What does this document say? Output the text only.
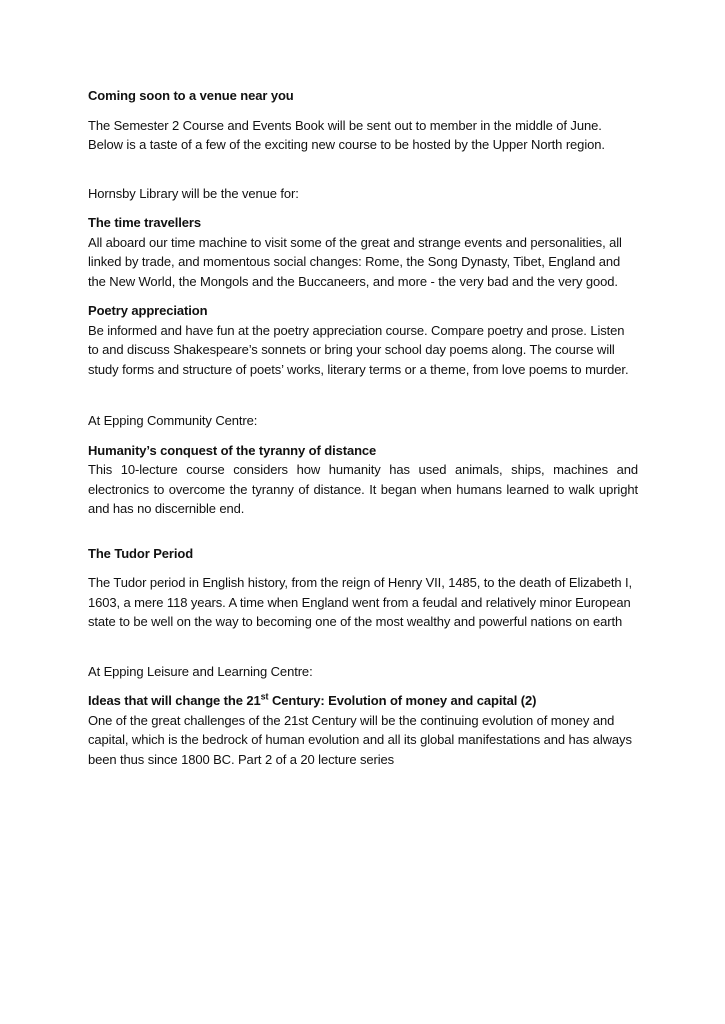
Coming soon to a venue near you

The Semester 2 Course and Events Book will be sent out to member in the middle of June. Below is a taste of a few of the exciting new course to be hosted by the Upper North region.

Hornsby Library will be the venue for:

The time travellers

All aboard our time machine to visit some of the great and strange events and personalities, all linked by trade, and momentous social changes: Rome, the Song Dynasty, Tibet, England and the New World, the Mongols and the Buccaneers, and more - the very bad and the very good.

Poetry appreciation

Be informed and have fun at the poetry appreciation course. Compare poetry and prose. Listen to and discuss Shakespeare’s sonnets or bring your school day poems along. The course will study forms and structure of poets’ works, literary terms or a theme, from love poems to murder.

At Epping Community Centre:

Humanity’s conquest of the tyranny of distance

This 10-lecture course considers how humanity has used animals, ships, machines and electronics to overcome the tyranny of distance. It began when humans learned to walk upright and has no discernible end.

The Tudor Period

The Tudor period in English history, from the reign of Henry VII, 1485, to the death of Elizabeth I, 1603, a mere 118 years. A time when England went from a feudal and relatively minor European state to be well on the way to becoming one of the most wealthy and powerful nations on earth

At Epping Leisure and Learning Centre:

Ideas that will change the 21st Century: Evolution of money and capital (2)

One of the great challenges of the 21st Century will be the continuing evolution of money and capital, which is the bedrock of human evolution and all its global manifestations and has always been thus since 1800 BC. Part 2 of a 20 lecture series
